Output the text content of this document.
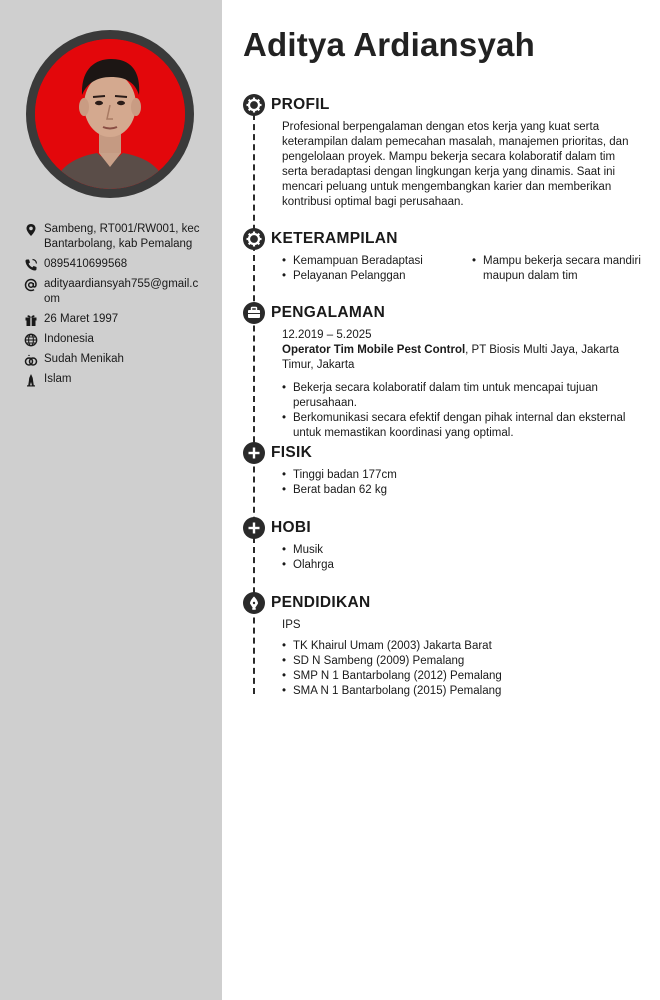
Sambeng, RT001/RW001, kec Bantarbolang, kab Pemalang
0895410699568
adityaardiansyah755@gmail.com
26 Maret 1997
Indonesia
Sudah Menikah
Islam
Aditya Ardiansyah
PROFIL

Profesional berpengalaman dengan etos kerja yang kuat serta keterampilan dalam pemecahan masalah, manajemen prioritas, dan pengelolaan proyek. Mampu bekerja secara kolaboratif dalam tim serta beradaptasi dengan lingkungan kerja yang dinamis. Saat ini mencari peluang untuk mengembangkan karier dan memberikan kontribusi optimal bagi perusahaan.

KETERAMPILAN
• Kemampuan Beradaptasi
• Pelayanan Pelanggan
• Mampu bekerja secara mandiri maupun dalam tim
PENGALAMAN

12.2019 – 5.2025

Operator Tim Mobile Pest Control, PT Biosis Multi Jaya, Jakarta Timur, Jakarta

• Bekerja secara kolaboratif dalam tim untuk mencapai tujuan perusahaan.
• Berkomunikasi secara efektif dengan pihak internal dan eksternal untuk memastikan koordinasi yang optimal.
FISIK
• Tinggi badan 177cm
• Berat badan 62 kg
HOBI
• Musik
• Olahrga
PENDIDIKAN

IPS

• TK Khairul Umam (2003) Jakarta Barat
• SD N Sambeng (2009) Pemalang
• SMP N 1 Bantarbolang (2012) Pemalang
• SMA N 1 Bantarbolang (2015) Pemalang
